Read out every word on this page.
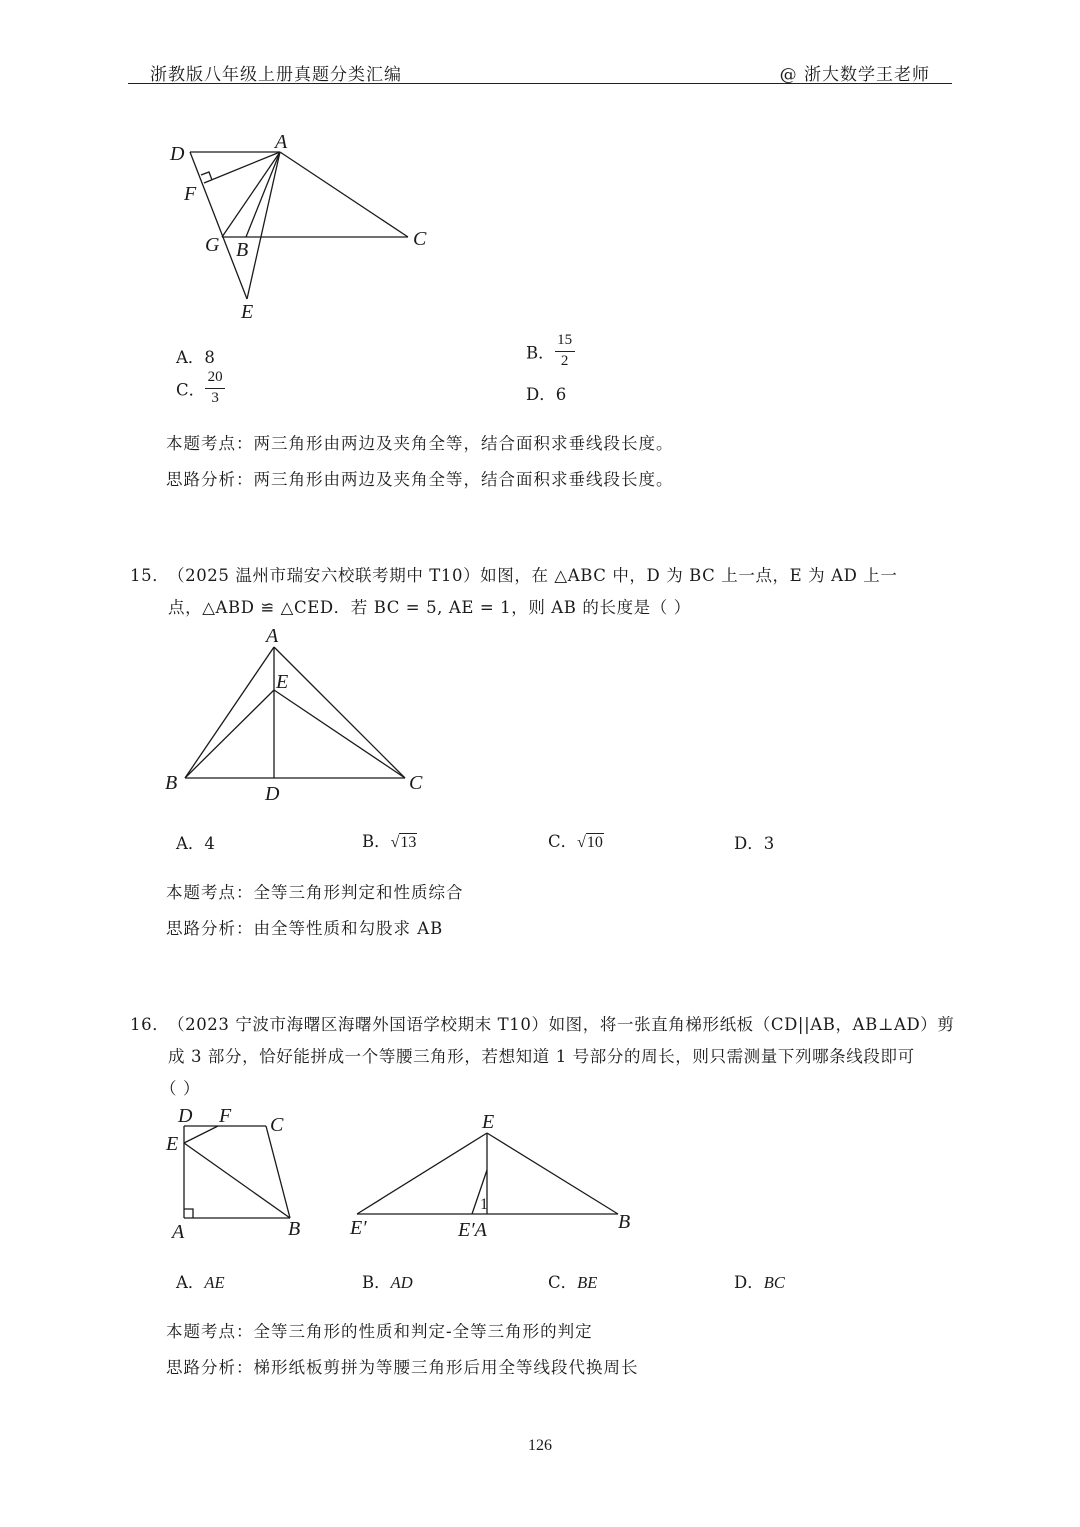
浙教版八年级上册真题分类汇编	@ 浙大数学王老师
D
A
F
G B	C
E
A．8	B． $\frac{15}{2}$
C． $\frac{20}{3}$	D．6
本题考点：两三角形由两边及夹角全等，结合面积求垂线段长度。
思路分析：两三角形由两边及夹角全等，结合面积求垂线段长度。
15．
（2025 温州市瑞安六校联考期中 T10）如图，在 △ABC 中，D 为 BC 上一点，E 为 AD 上一
点，△ABD ≌ △CED．若 BC = 5, AE = 1，则 AB 的长度是（ ）
A
E
B	D	C
A．4	B．√ 13	C．√ 10	D．3
本题考点：全等三角形判定和性质综合
思路分析：由全等性质和勾股求 AB
16．
（2023 宁波市海曙区海曙外国语学校期末 T10）如图，将一张直角梯形纸板（CD||AB，AB⊥AD）剪
成 3 部分，恰好能拼成一个等腰三角形，若想知道 1 号部分的周长，则只需测量下列哪条线段即可
（ ）
D F C
E
A	B
E
E′	E′A	B
1
A．AE	B．AD	C．BE	D．BC
本题考点：全等三角形的性质和判定-全等三角形的判定
思路分析：梯形纸板剪拼为等腰三角形后用全等线段代换周长
126
